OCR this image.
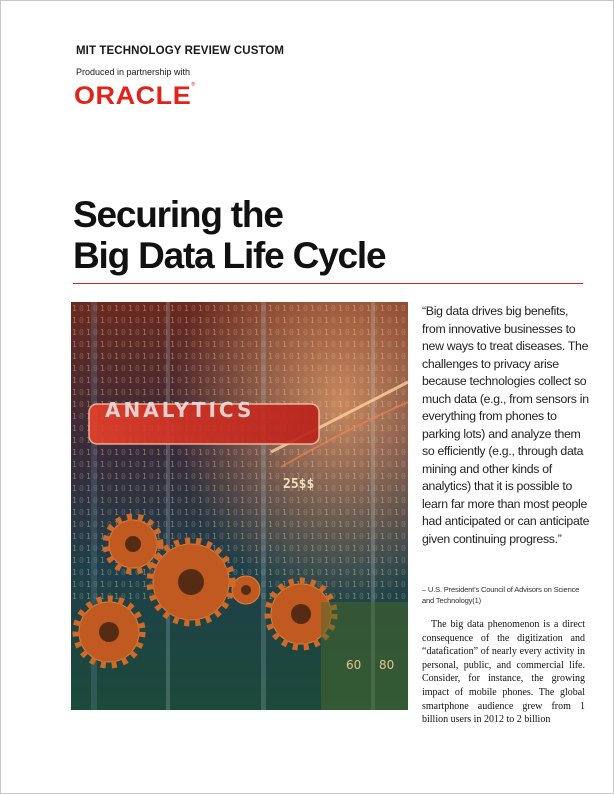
MIT TECHNOLOGY REVIEW CUSTOM
Produced in partnership with
ORACLE®
Securing the
Big Data Life Cycle
ANALYTICS
25$$
60 80
“Big data drives big benefits, from innovative businesses to new ways to treat diseases. The challenges to privacy arise because technologies collect so much data (e.g., from sensors in everything from phones to parking lots) and analyze them so efficiently (e.g., through data mining and other kinds of analytics) that it is possible to learn far more than most people had anticipated or can anticipate given continuing progress.”
– U.S. President’s Council of Advisors on Science and Technology(1)

The big data phenomenon is a direct consequence of the digitization and “datafication” of nearly every activity in personal, public, and commercial life. Consider, for instance, the growing impact of mobile phones. The global smartphone audience grew from 1 billion users in 2012 to 2 billion
